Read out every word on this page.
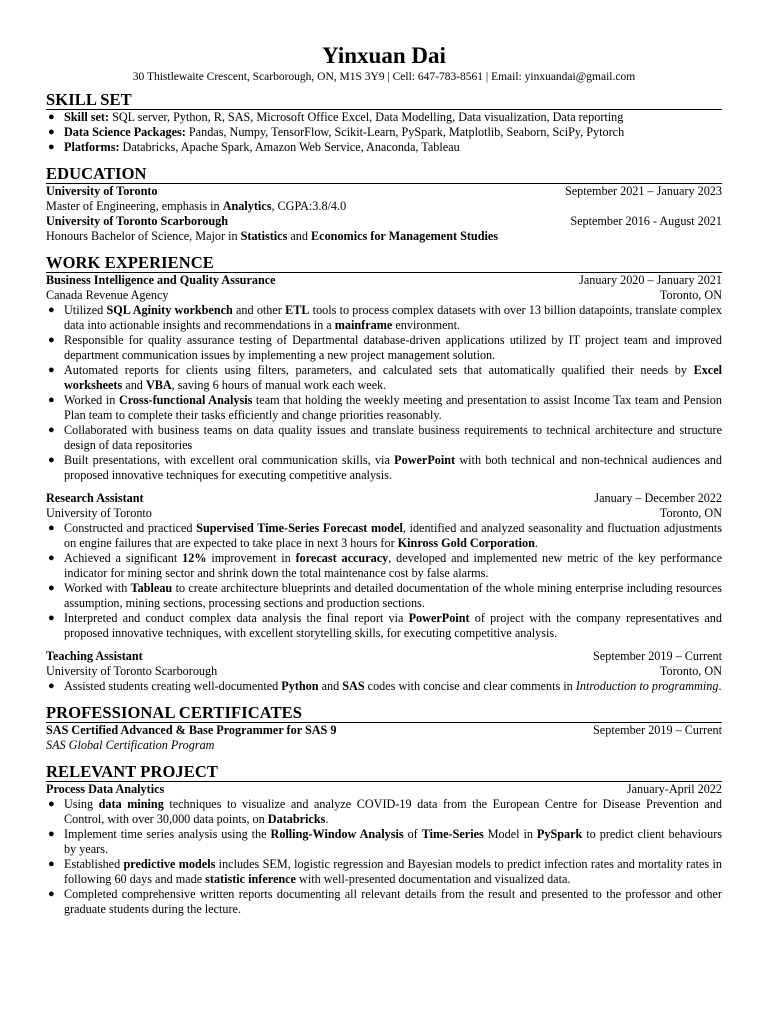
Yinxuan Dai
30 Thistlewaite Crescent, Scarborough, ON, M1S 3Y9 | Cell: 647-783-8561 | Email: yinxuandai@gmail.com
SKILL SET
● Skill set: SQL server, Python, R, SAS, Microsoft Office Excel, Data Modelling, Data visualization, Data reporting
● Data Science Packages: Pandas, Numpy, TensorFlow, Scikit-Learn, PySpark, Matplotlib, Seaborn, SciPy, Pytorch
● Platforms: Databricks, Apache Spark, Amazon Web Service, Anaconda, Tableau
EDUCATION
University of Toronto	September 2021 – January 2023
Master of Engineering, emphasis in Analytics, CGPA:3.8/4.0
University of Toronto Scarborough	September 2016 - August 2021
Honours Bachelor of Science, Major in Statistics and Economics for Management Studies
WORK EXPERIENCE
Business Intelligence and Quality Assurance	January 2020 – January 2021
Canada Revenue Agency	Toronto, ON
● Utilized SQL Aginity workbench and other ETL tools to process complex datasets with over 13 billion datapoints, translate complex data into actionable insights and recommendations in a mainframe environment.
● Responsible for quality assurance testing of Departmental database-driven applications utilized by IT project team and improved department communication issues by implementing a new project management solution.
● Automated reports for clients using filters, parameters, and calculated sets that automatically qualified their needs by Excel worksheets and VBA, saving 6 hours of manual work each week.
● Worked in Cross-functional Analysis team that holding the weekly meeting and presentation to assist Income Tax team and Pension Plan team to complete their tasks efficiently and change priorities reasonably.
● Collaborated with business teams on data quality issues and translate business requirements to technical architecture and structure design of data repositories
● Built presentations, with excellent oral communication skills, via PowerPoint with both technical and non-technical audiences and proposed innovative techniques for executing competitive analysis.
Research Assistant	January – December 2022
University of Toronto	Toronto, ON
● Constructed and practiced Supervised Time-Series Forecast model, identified and analyzed seasonality and fluctuation adjustments on engine failures that are expected to take place in next 3 hours for Kinross Gold Corporation.
● Achieved a significant 12% improvement in forecast accuracy, developed and implemented new metric of the key performance indicator for mining sector and shrink down the total maintenance cost by false alarms.
● Worked with Tableau to create architecture blueprints and detailed documentation of the whole mining enterprise including resources assumption, mining sections, processing sections and production sections.
● Interpreted and conduct complex data analysis the final report via PowerPoint of project with the company representatives and proposed innovative techniques, with excellent storytelling skills, for executing competitive analysis.
Teaching Assistant	September 2019 – Current
University of Toronto Scarborough	Toronto, ON
● Assisted students creating well-documented Python and SAS codes with concise and clear comments in Introduction to programming.
PROFESSIONAL CERTIFICATES
SAS Certified Advanced & Base Programmer for SAS 9	September 2019 – Current
SAS Global Certification Program
RELEVANT PROJECT
Process Data Analytics	January-April 2022
● Using data mining techniques to visualize and analyze COVID-19 data from the European Centre for Disease Prevention and Control, with over 30,000 data points, on Databricks.
● Implement time series analysis using the Rolling-Window Analysis of Time-Series Model in PySpark to predict client behaviours by years.
● Established predictive models includes SEM, logistic regression and Bayesian models to predict infection rates and mortality rates in following 60 days and made statistic inference with well-presented documentation and visualized data.
● Completed comprehensive written reports documenting all relevant details from the result and presented to the professor and other graduate students during the lecture.
